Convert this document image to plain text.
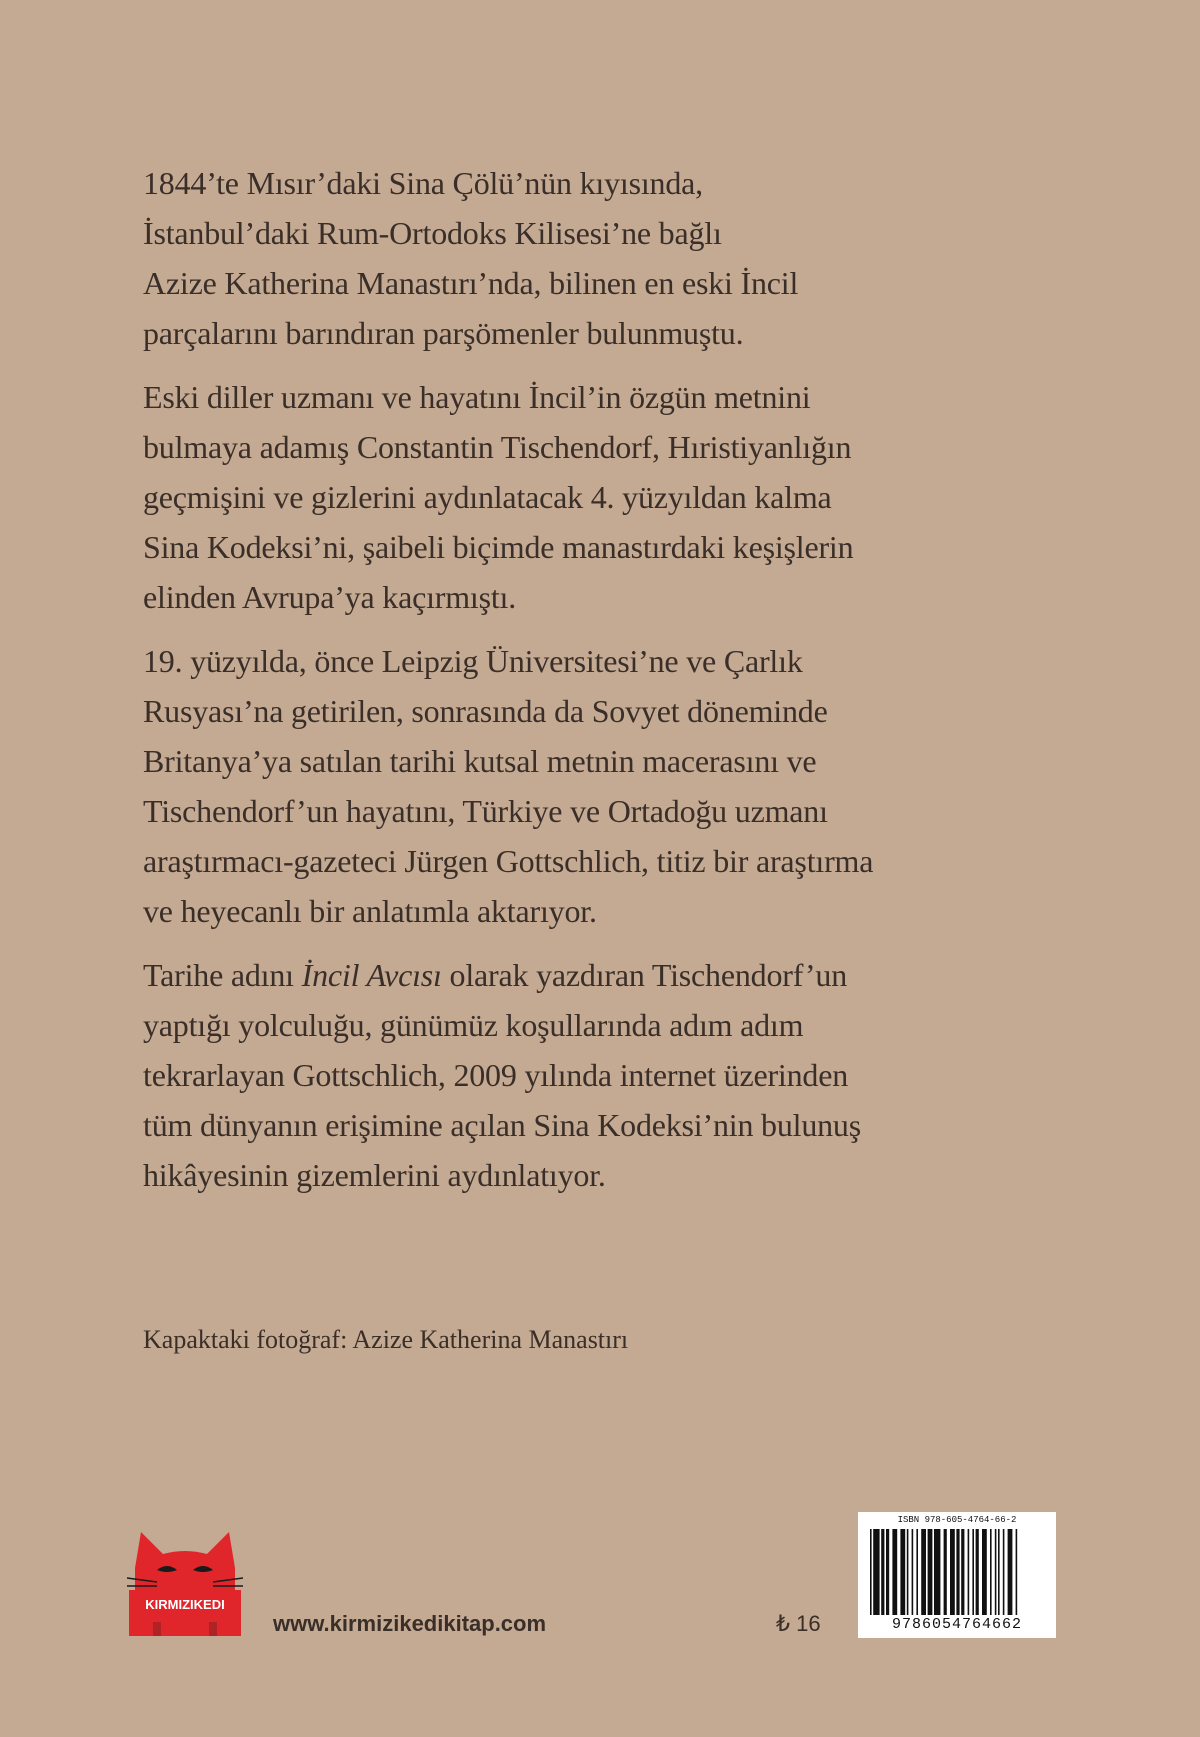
1844’te Mısır’daki Sina Çölü’nün kıyısında,
İstanbul’daki Rum-Ortodoks Kilisesi’ne bağlı
Azize Katherina Manastırı’nda, bilinen en eski İncil
parçalarını barındıran parşömenler bulunmuştu.

Eski diller uzmanı ve hayatını İncil’in özgün metnini
bulmaya adamış Constantin Tischendorf, Hıristiyanlığın
geçmişini ve gizlerini aydınlatacak 4. yüzyıldan kalma
Sina Kodeksi’ni, şaibeli biçimde manastırdaki keşişlerin
elinden Avrupa’ya kaçırmıştı.

19. yüzyılda, önce Leipzig Üniversitesi’ne ve Çarlık
Rusyası’na getirilen, sonrasında da Sovyet döneminde
Britanya’ya satılan tarihi kutsal metnin macerasını ve
Tischendorf’un hayatını, Türkiye ve Ortadoğu uzmanı
araştırmacı-gazeteci Jürgen Gottschlich, titiz bir araştırma
ve heyecanlı bir anlatımla aktarıyor.

Tarihe adını İncil Avcısı olarak yazdıran Tischendorf’un
yaptığı yolculuğu, günümüz koşullarında adım adım
tekrarlayan Gottschlich, 2009 yılında internet üzerinden
tüm dünyanın erişimine açılan Sina Kodeksi’nin bulunuş
hikâyesinin gizemlerini aydınlatıyor.

Kapaktaki fotoğraf: Azize Katherina Manastırı
KIRMIZIKEDI
www.kirmizikedikitap.com	₺ 16
ISBN 978-605-4764-66-2
9786054764662
